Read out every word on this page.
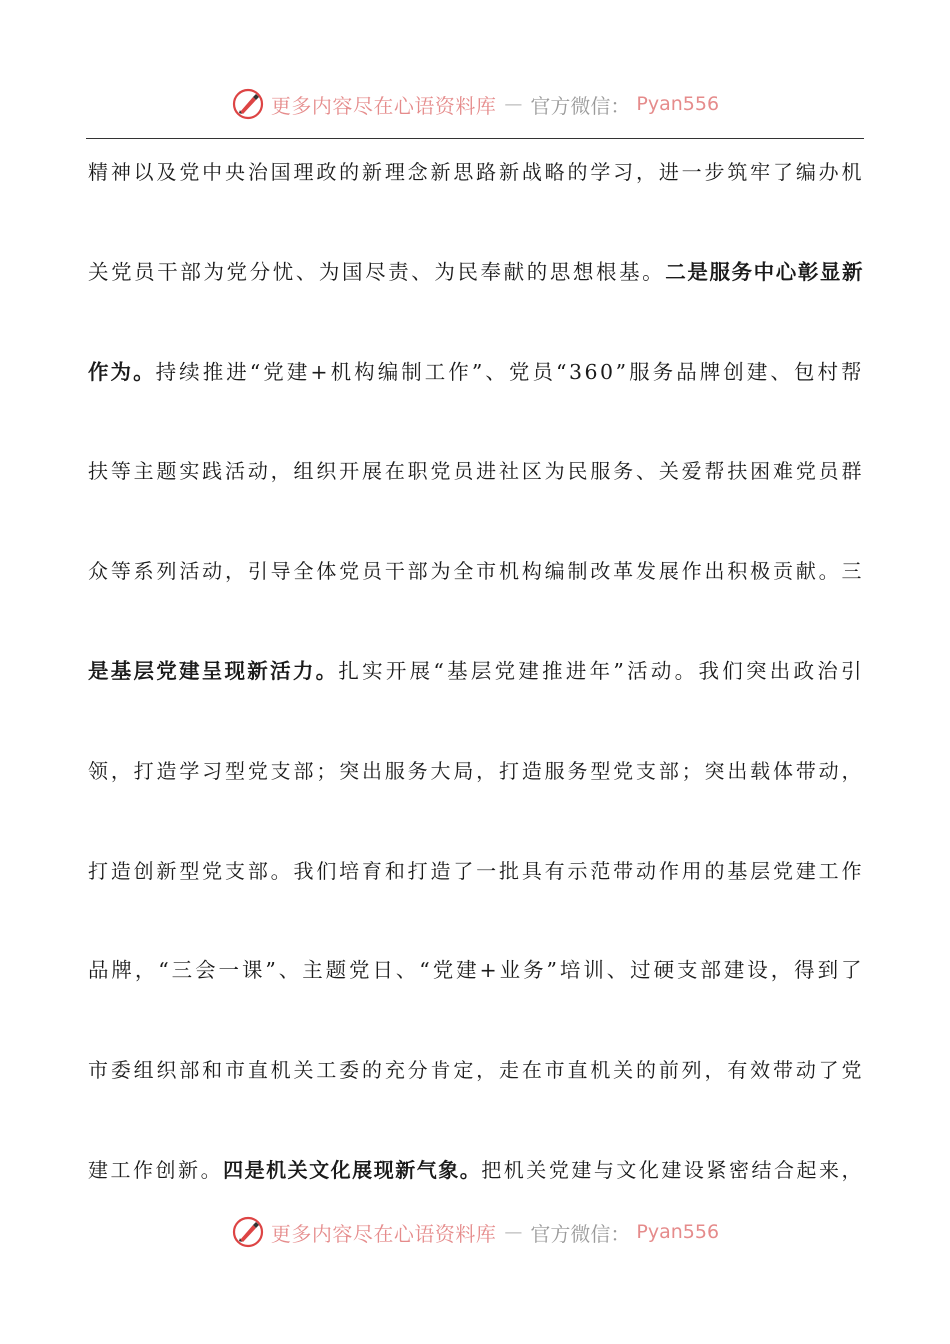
更多内容尽在心语资料库 — 官方微信： Pyan556
精神以及党中央治国理政的新理念新思路新战略的学习，进一步筑牢了编办机
关党员干部为党分忧、为国尽责、为民奉献的思想根基。二是服务中心彰显新
作为。持续推进“党建+机构编制工作”、党员“360”服务品牌创建、包村帮
扶等主题实践活动，组织开展在职党员进社区为民服务、关爱帮扶困难党员群
众等系列活动，引导全体党员干部为全市机构编制改革发展作出积极贡献。三
是基层党建呈现新活力。扎实开展“基层党建推进年”活动。我们突出政治引
领，打造学习型党支部；突出服务大局，打造服务型党支部；突出载体带动，
打造创新型党支部。我们培育和打造了一批具有示范带动作用的基层党建工作
品牌，“三会一课”、主题党日、“党建+业务”培训、过硬支部建设，得到了
市委组织部和市直机关工委的充分肯定，走在市直机关的前列，有效带动了党
建工作创新。四是机关文化展现新气象。把机关党建与文化建设紧密结合起来，
更多内容尽在心语资料库 — 官方微信： Pyan556
